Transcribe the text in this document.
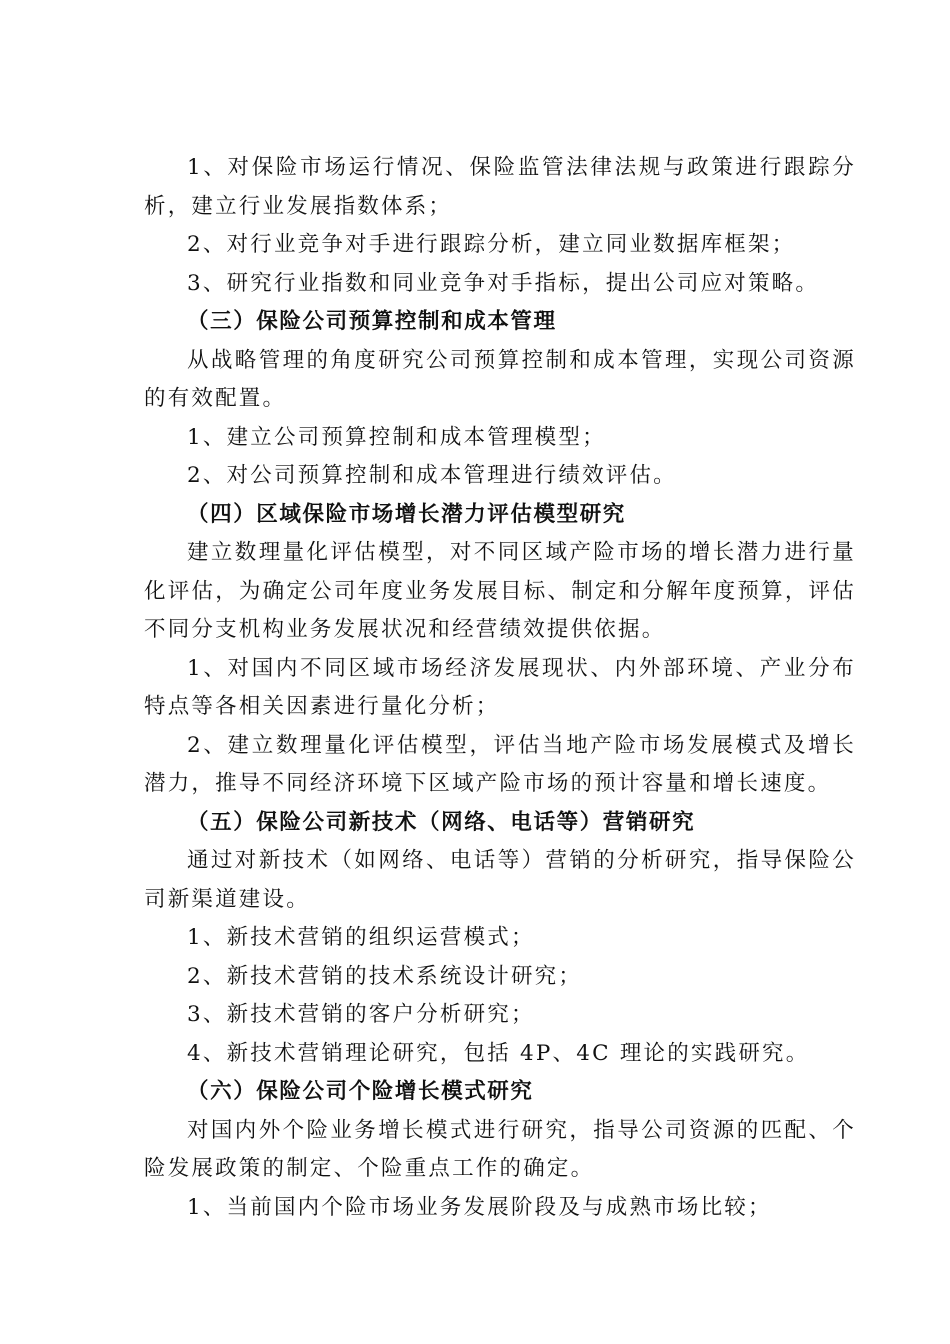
1、对保险市场运行情况、保险监管法律法规与政策进行跟踪分析，建立行业发展指数体系；

2、对行业竞争对手进行跟踪分析，建立同业数据库框架；

3、研究行业指数和同业竞争对手指标，提出公司应对策略。

（三）保险公司预算控制和成本管理

从战略管理的角度研究公司预算控制和成本管理，实现公司资源的有效配置。

1、建立公司预算控制和成本管理模型；

2、对公司预算控制和成本管理进行绩效评估。

（四）区域保险市场增长潜力评估模型研究

建立数理量化评估模型，对不同区域产险市场的增长潜力进行量化评估，为确定公司年度业务发展目标、制定和分解年度预算，评估不同分支机构业务发展状况和经营绩效提供依据。

1、对国内不同区域市场经济发展现状、内外部环境、产业分布特点等各相关因素进行量化分析；

2、建立数理量化评估模型，评估当地产险市场发展模式及增长潜力，推导不同经济环境下区域产险市场的预计容量和增长速度。

（五）保险公司新技术（网络、电话等）营销研究

通过对新技术（如网络、电话等）营销的分析研究，指导保险公司新渠道建设。

1、新技术营销的组织运营模式；

2、新技术营销的技术系统设计研究；

3、新技术营销的客户分析研究；

4、新技术营销理论研究，包括 4P、4C 理论的实践研究。

（六）保险公司个险增长模式研究

对国内外个险业务增长模式进行研究，指导公司资源的匹配、个险发展政策的制定、个险重点工作的确定。

1、当前国内个险市场业务发展阶段及与成熟市场比较；
